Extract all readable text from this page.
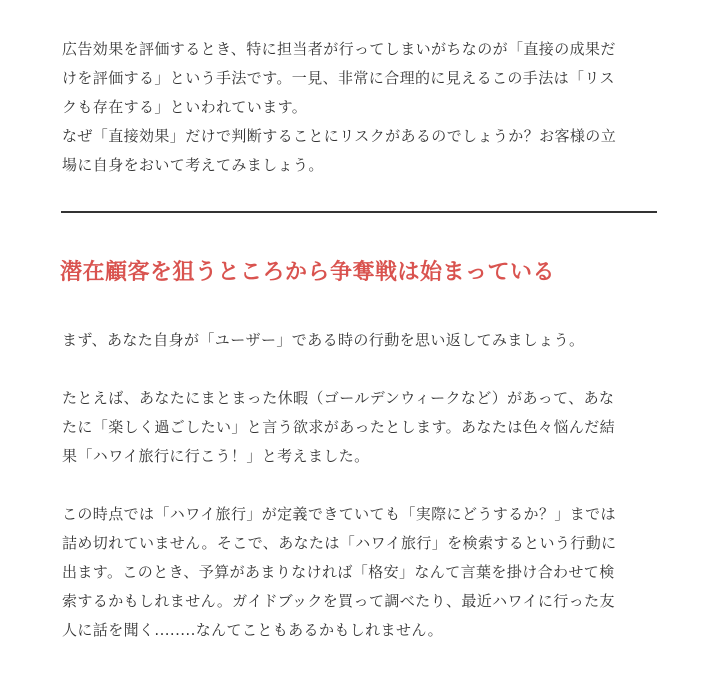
広告効果を評価するとき、特に担当者が行ってしまいがちなのが「直接の成果だ
けを評価する」という手法です。一見、非常に合理的に見えるこの手法は「リス
クも存在する」といわれています。

なぜ「直接効果」だけで判断することにリスクがあるのでしょうか？お客様の立
場に自身をおいて考えてみましょう。

潜在顧客を狙うところから争奪戦は始まっている

まず、あなた自身が「ユーザー」である時の行動を思い返してみましょう。

たとえば、あなたにまとまった休暇（ゴールデンウィークなど）があって、あな
たに「楽しく過ごしたい」と言う欲求があったとします。あなたは色々悩んだ結
果「ハワイ旅行に行こう！」と考えました。

この時点では「ハワイ旅行」が定義できていても「実際にどうするか？」までは
詰め切れていません。そこで、あなたは「ハワイ旅行」を検索するという行動に
出ます。このとき、予算があまりなければ「格安」なんて言葉を掛け合わせて検
索するかもしれません。ガイドブックを買って調べたり、最近ハワイに行った友
人に話を聞く........なんてこともあるかもしれません。
